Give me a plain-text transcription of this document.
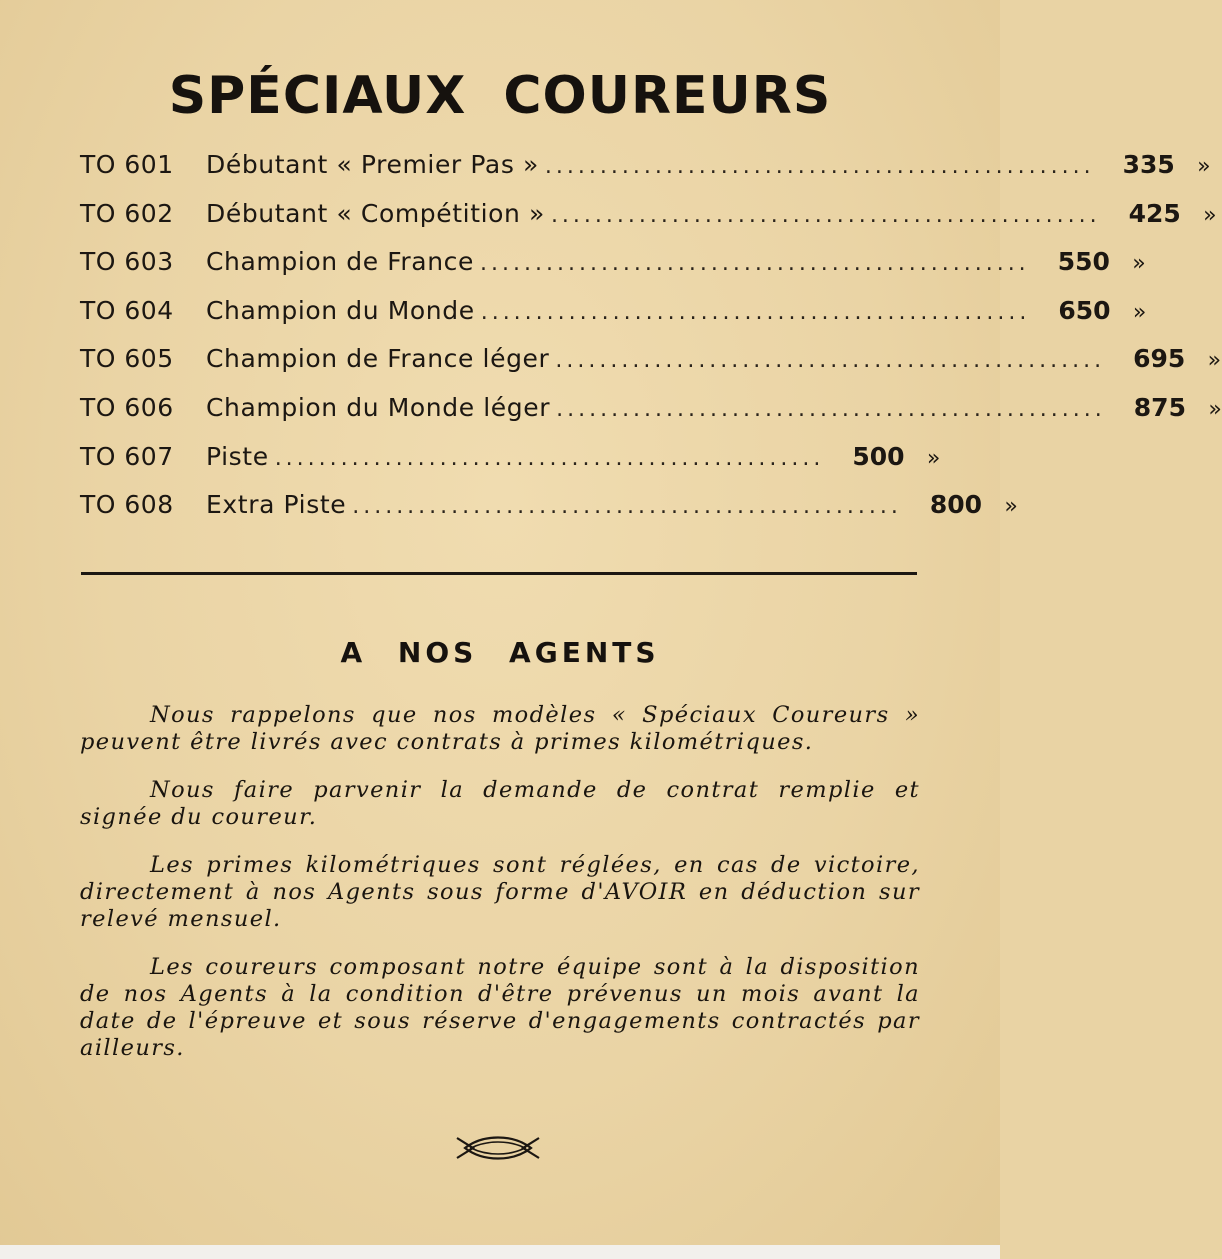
SPÉCIAUX COUREURS
TO 601	Débutant « Premier Pas » .................................................. 335	»
TO 602	Débutant « Compétition » .................................................. 425	»
TO 603	Champion de France .................................................. 550	»
TO 604	Champion du Monde .................................................. 650	»
TO 605	Champion de France léger .................................................. 695	»
TO 606	Champion du Monde léger .................................................. 875	»
TO 607	Piste .................................................. 500	»
TO 608	Extra Piste .................................................. 800	»
A NOS AGENTS

Nous rappelons que nos modèles « Spéciaux Coureurs » peuvent être livrés avec contrats à primes kilométriques.

Nous faire parvenir la demande de contrat remplie et signée du coureur.

Les primes kilométriques sont réglées, en cas de victoire, directement à nos Agents sous forme d'AVOIR en déduction sur relevé mensuel.

Les coureurs composant notre équipe sont à la disposition de nos Agents à la condition d'être prévenus un mois avant la date de l'épreuve et sous réserve d'engagements contractés par ailleurs.
